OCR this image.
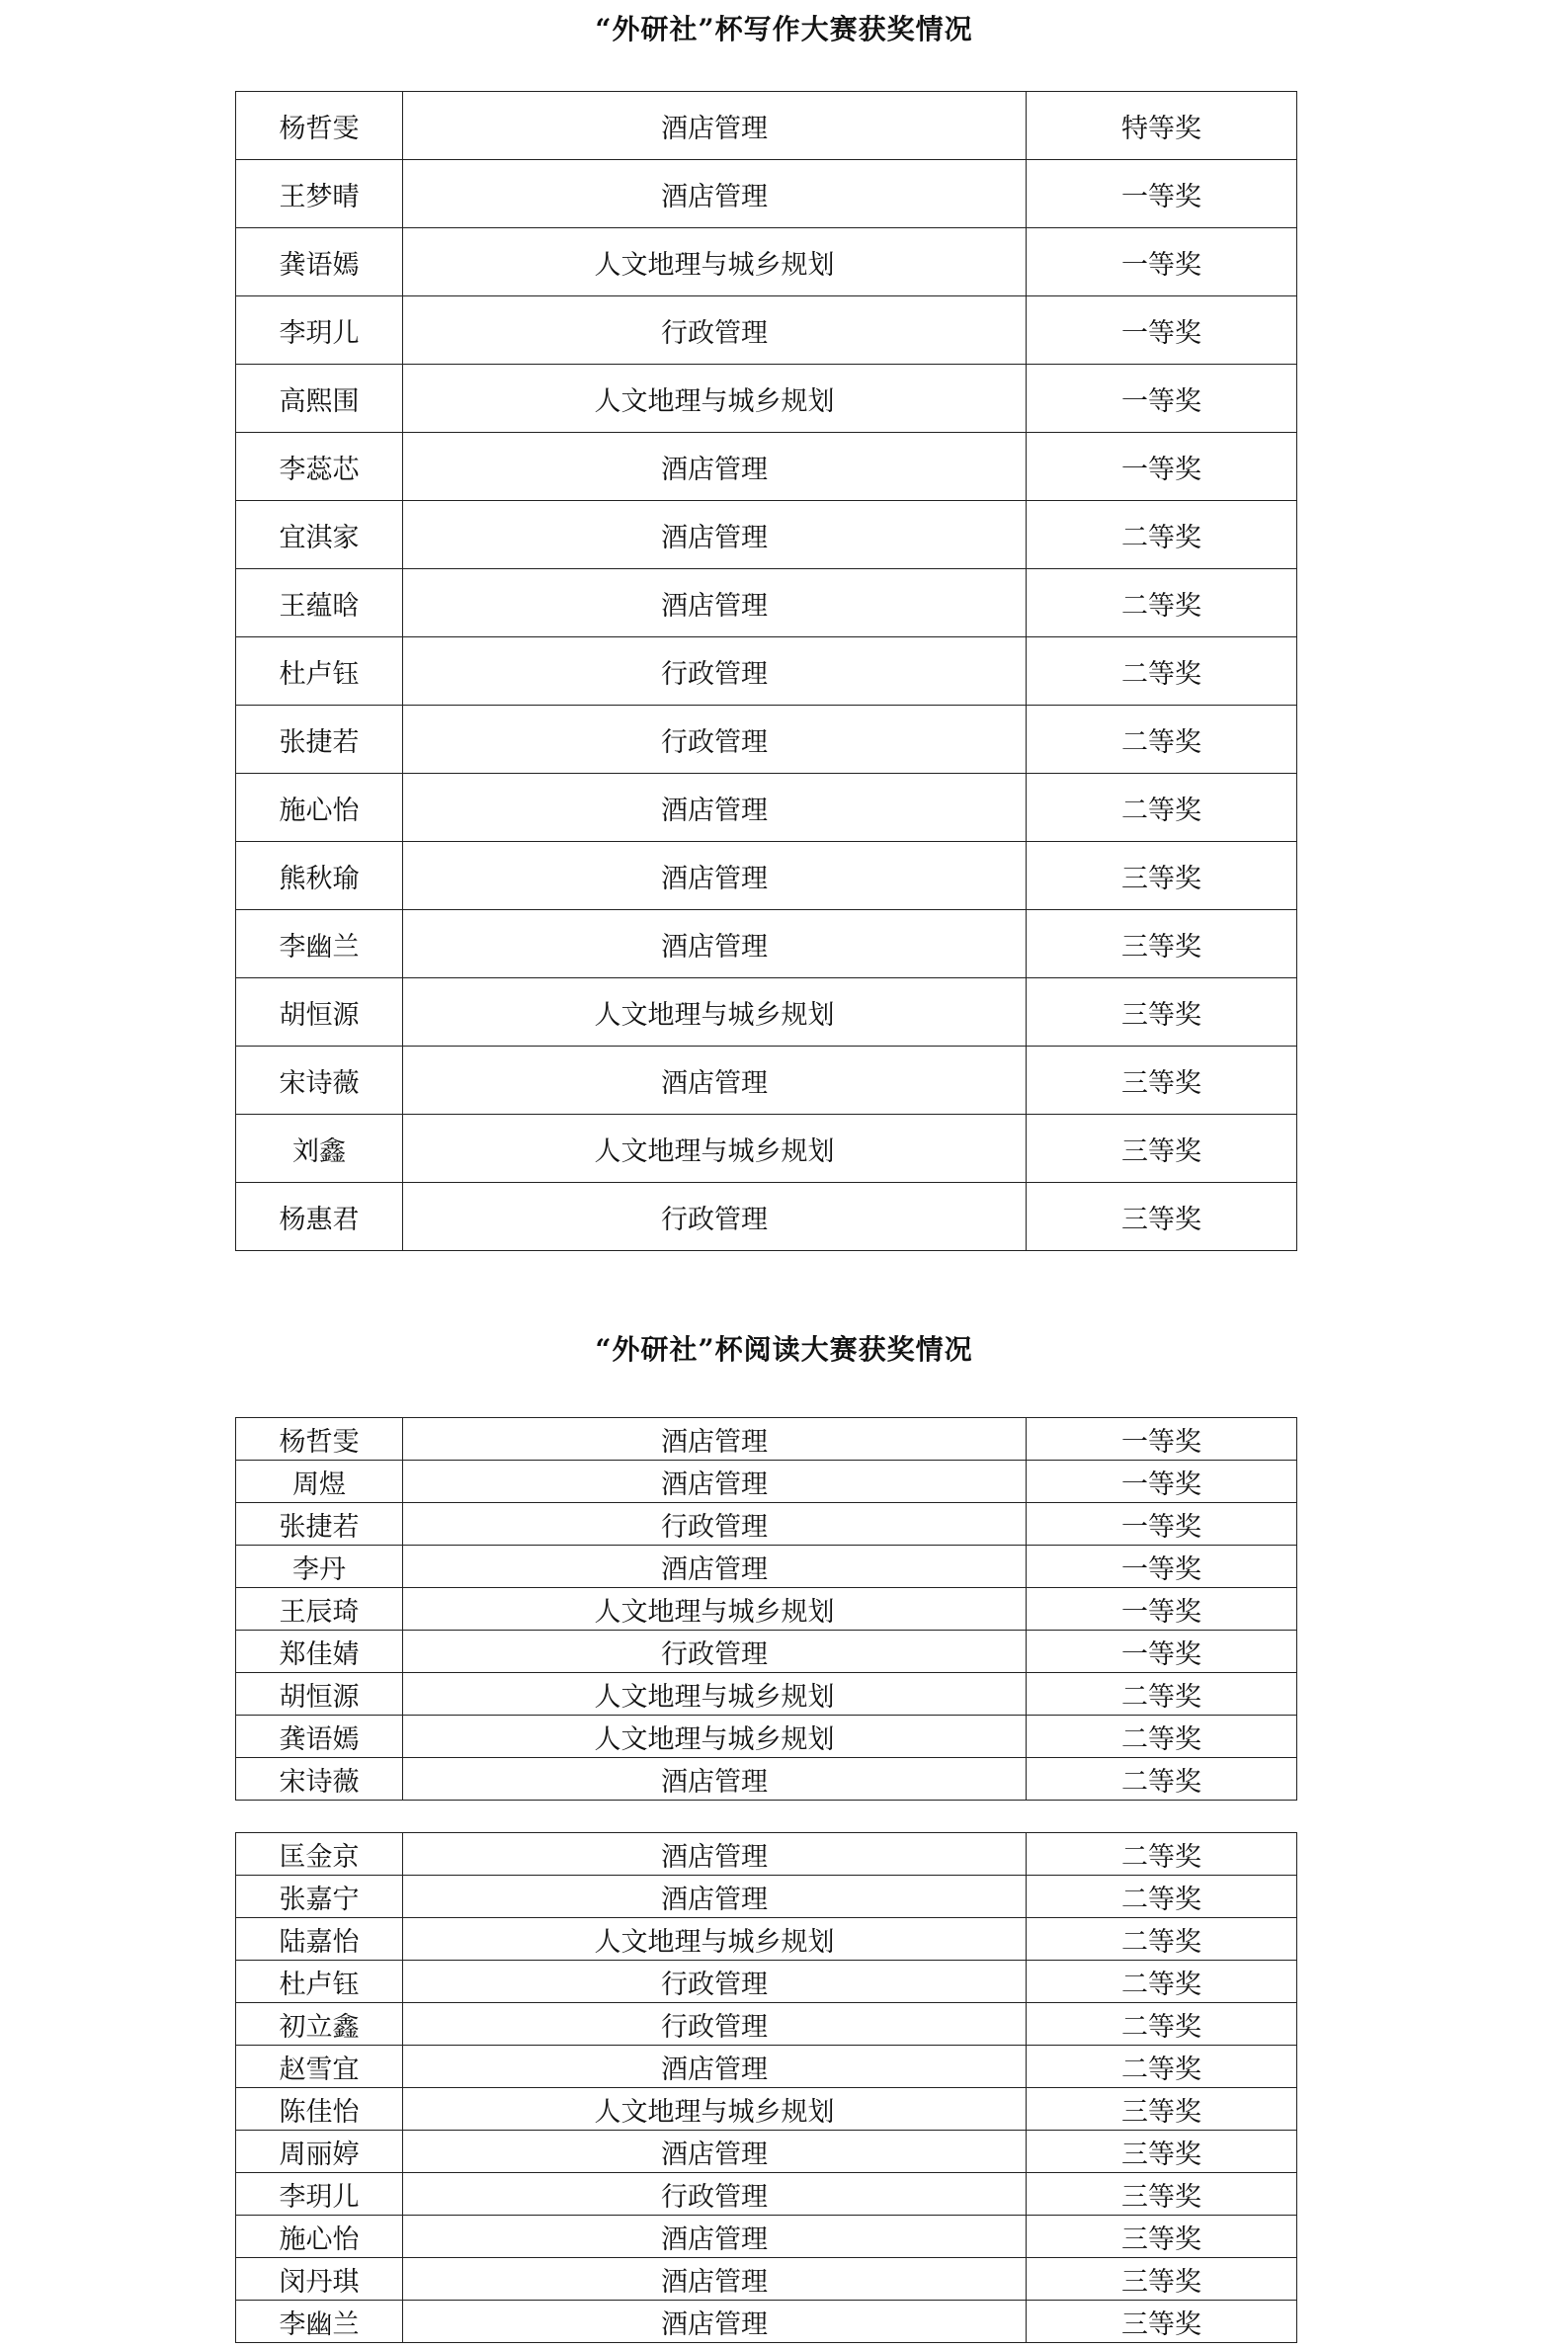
“外研社”杯写作大赛获奖情况
杨哲雯	酒店管理	特等奖
王梦晴	酒店管理	一等奖
龚语嫣	人文地理与城乡规划	一等奖
李玥儿	行政管理	一等奖
高熙围	人文地理与城乡规划	一等奖
李蕊芯	酒店管理	一等奖
宜淇家	酒店管理	二等奖
王蕴晗	酒店管理	二等奖
杜卢钰	行政管理	二等奖
张捷若	行政管理	二等奖
施心怡	酒店管理	二等奖
熊秋瑜	酒店管理	三等奖
李幽兰	酒店管理	三等奖
胡恒源	人文地理与城乡规划	三等奖
宋诗薇	酒店管理	三等奖
刘鑫	人文地理与城乡规划	三等奖
杨惠君	行政管理	三等奖
“外研社”杯阅读大赛获奖情况
杨哲雯	酒店管理	一等奖
周煜	酒店管理	一等奖
张捷若	行政管理	一等奖
李丹	酒店管理	一等奖
王辰琦	人文地理与城乡规划	一等奖
郑佳婧	行政管理	一等奖
胡恒源	人文地理与城乡规划	二等奖
龚语嫣	人文地理与城乡规划	二等奖
宋诗薇	酒店管理	二等奖
匡金京	酒店管理	二等奖
张嘉宁	酒店管理	二等奖
陆嘉怡	人文地理与城乡规划	二等奖
杜卢钰	行政管理	二等奖
初立鑫	行政管理	二等奖
赵雪宜	酒店管理	二等奖
陈佳怡	人文地理与城乡规划	三等奖
周丽婷	酒店管理	三等奖
李玥儿	行政管理	三等奖
施心怡	酒店管理	三等奖
闵丹琪	酒店管理	三等奖
李幽兰	酒店管理	三等奖
